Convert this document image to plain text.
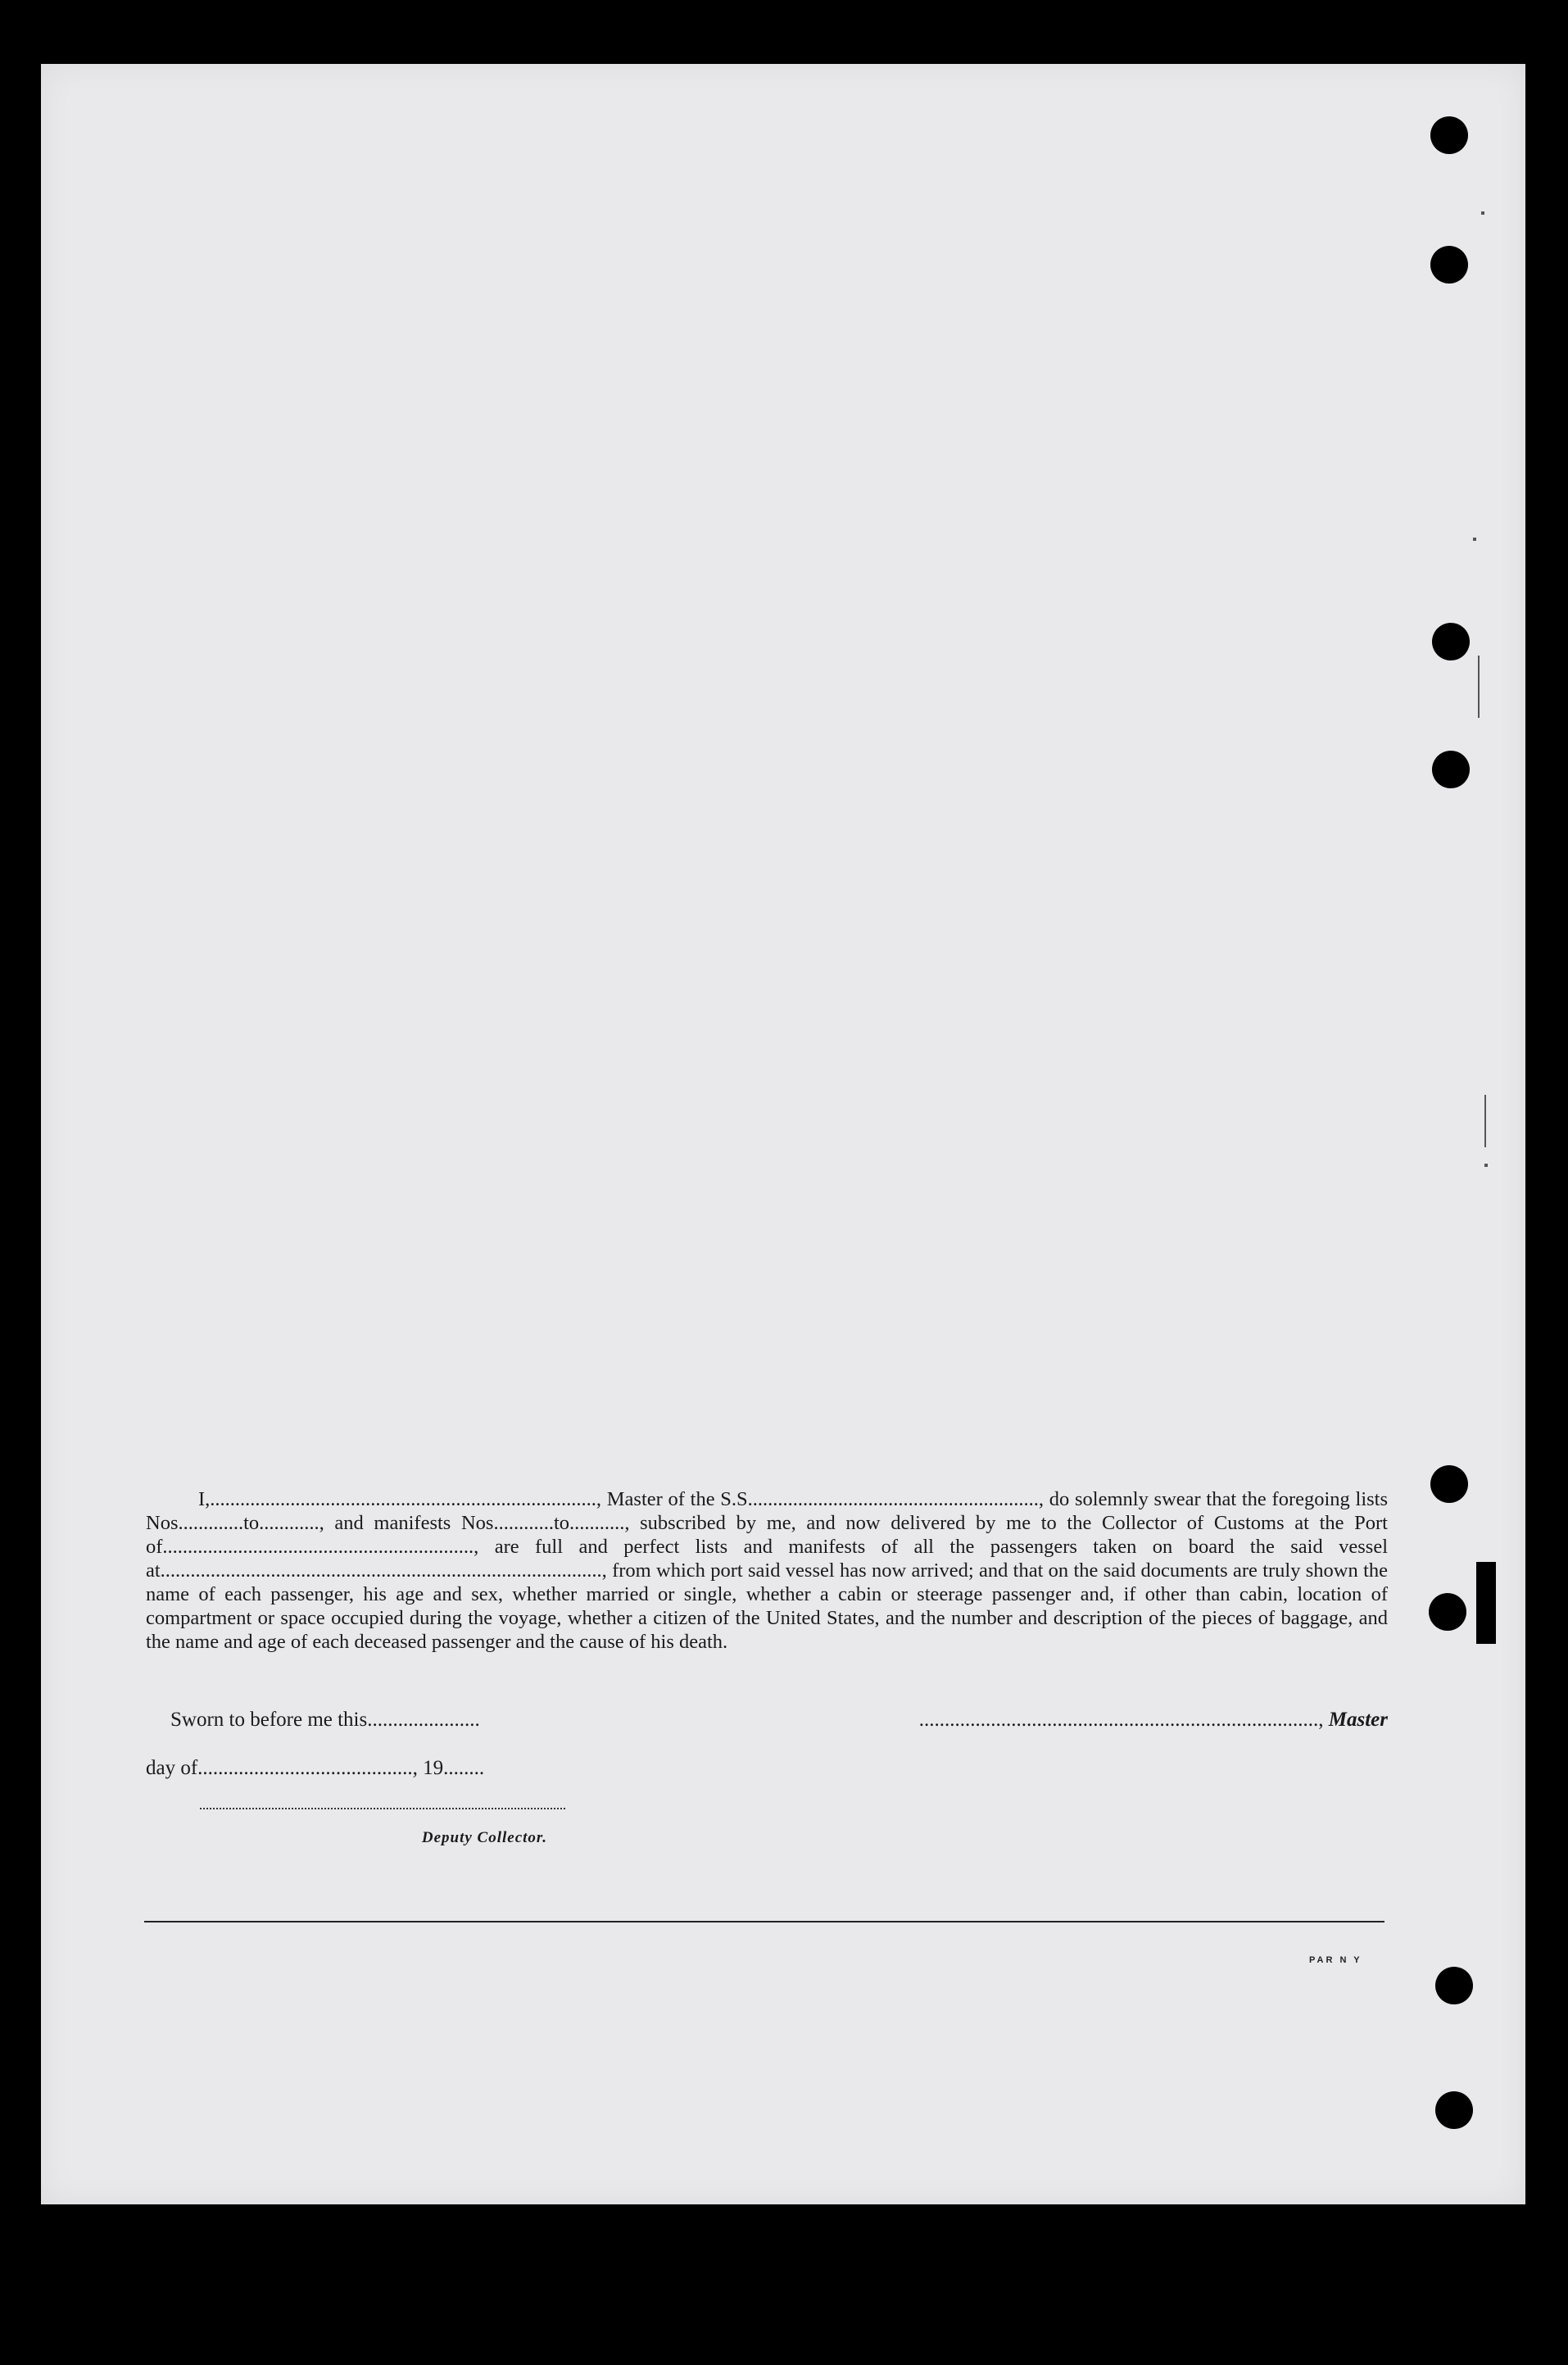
I,............................................................................., Master of the S.S.........................................................., do solemnly swear that the foregoing lists Nos.............to............, and manifests Nos............to..........., subscribed by me, and now delivered by me to the Collector of Customs at the Port of.............................................................., are full and perfect lists and manifests of all the passengers taken on board the said vessel at........................................................................................, from which port said vessel has now arrived; and that on the said documents are truly shown the name of each passenger, his age and sex, whether married or single, whether a cabin or steerage passenger and, if other than cabin, location of compartment or space occupied during the voyage, whether a citizen of the United States, and the number and description of the pieces of baggage, and the name and age of each deceased passenger and the cause of his death.

Sworn to before me this......................	.............................................................................., Master
day of.........................................., 19........
Deputy Collector.
PAR N Y
